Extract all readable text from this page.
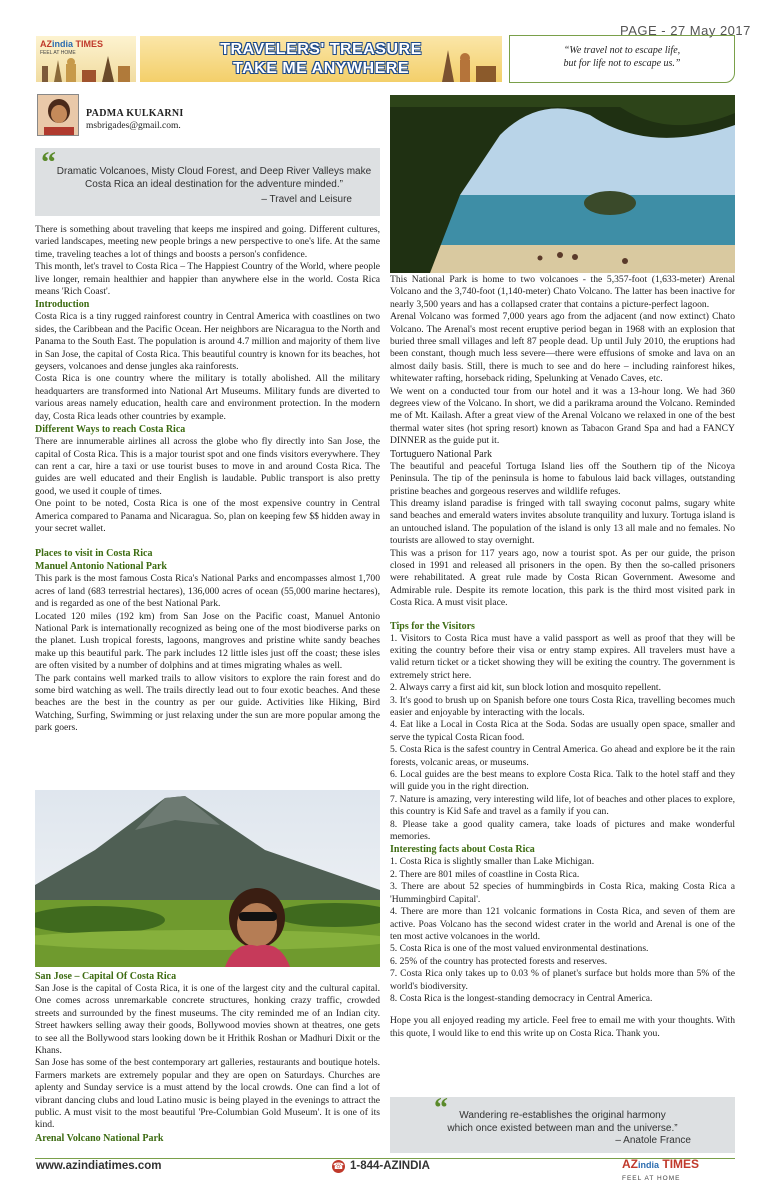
PAGE - 27 May 2017
AZindia TIMES
FEEL AT HOME	TRAVELERS' TREASURE
TAKE ME ANYWHERE
“We travel not to escape life,
but for life not to escape us.”
PADMA KULKARNI
msbrigades@gmail.com.
“ Dramatic Volcanoes, Misty Cloud Forest, and Deep River Valleys make Costa Rica an ideal destination for the adventure minded.”
– Travel and Leisure

There is something about traveling that keeps me inspired and going. Different cultures, varied landscapes, meeting new people brings a new perspective to one's life. At the same time, traveling teaches a lot of things and boosts a person's confidence.

This month, let's travel to Costa Rica – The Happiest Country of the World, where people live longer, remain healthier and happier than anywhere else in the world. Costa Rica means 'Rich Coast'.

Introduction

Costa Rica is a tiny rugged rainforest country in Central America with coastlines on two sides, the Caribbean and the Pacific Ocean. Her neighbors are Nicaragua to the North and Panama to the South East. The population is around 4.7 million and majority of them live in San Jose, the capital of Costa Rica. This beautiful country is known for its beaches, hot geysers, volcanoes and dense jungles aka rainforests.

Costa Rica is one country where the military is totally abolished. All the military headquarters are transformed into National Art Museums. Military funds are diverted to various areas namely education, health care and environment protection. In the modern day, Costa Rica leads other countries by example.

Different Ways to reach Costa Rica

There are innumerable airlines all across the globe who fly directly into San Jose, the capital of Costa Rica. This is a major tourist spot and one finds visitors everywhere. They can rent a car, hire a taxi or use tourist buses to move in and around Costa Rica. The guides are well educated and their English is laudable. Public transport is also pretty good, we used it couple of times.

One point to be noted, Costa Rica is one of the most expensive country in Central America compared to Panama and Nicaragua. So, plan on keeping few $$ hidden away in your secret wallet.

Places to visit in Costa Rica
Manuel Antonio National Park

This park is the most famous Costa Rica's National Parks and encompasses almost 1,700 acres of land (683 terrestrial hectares), 136,000 acres of ocean (55,000 marine hectares), and is regarded as one of the best National Park.

Located 120 miles (192 km) from San Jose on the Pacific coast, Manuel Antonio National Park is internationally recognized as being one of the most biodiverse parks on the planet. Lush tropical forests, lagoons, mangroves and pristine white sandy beaches make up this beautiful park. The park includes 12 little isles just off the coast; these isles are often visited by a number of dolphins and at times migrating whales as well.

The park contains well marked trails to allow visitors to explore the rain forest and do some bird watching as well. The trails directly lead out to four exotic beaches. And these beaches are the best in the country as per our guide. Activities like Hiking, Bird Watching, Surfing, Swimming or just relaxing under the sun are more popular among the park goers.

San Jose – Capital Of Costa Rica

San Jose is the capital of Costa Rica, it is one of the largest city and the cultural capital. One comes across unremarkable concrete structures, honking crazy traffic, crowded streets and surrounded by the finest museums. The city reminded me of an Indian city. Street hawkers selling away their goods, Bollywood movies shown at theatres, one gets to see all the Bollywood stars looking down be it Hrithik Roshan or Madhuri Dixit or the Khans.

San Jose has some of the best contemporary art galleries, restaurants and boutique hotels. Farmers markets are extremely popular and they are open on Saturdays. Churches are aplenty and Sunday service is a must attend by the local crowds. One can find a lot of vibrant dancing clubs and loud Latino music is being played in the evenings to attract the public. A must visit to the most beautiful 'Pre-Columbian Gold Museum'. It is one of its kind.

Arenal Volcano National Park

This National Park is home to two volcanoes - the 5,357-foot (1,633-meter) Arenal Volcano and the 3,740-foot (1,140-meter) Chato Volcano. The latter has been inactive for nearly 3,500 years and has a collapsed crater that contains a picture-perfect lagoon.

Arenal Volcano was formed 7,000 years ago from the adjacent (and now extinct) Chato Volcano. The Arenal's most recent eruptive period began in 1968 with an explosion that buried three small villages and left 87 people dead. Up until July 2010, the eruptions had been constant, though much less severe—there were effusions of smoke and lava on an almost daily basis. Still, there is much to see and do here – including rainforest hikes, whitewater rafting, horseback riding, Spelunking at Venado Caves, etc.

We went on a conducted tour from our hotel and it was a 13-hour long. We had 360 degrees view of the Volcano. In short, we did a parikrama around the Volcano. Reminded me of Mt. Kailash. After a great view of the Arenal Volcano we relaxed in one of the best thermal water sites (hot spring resort) known as Tabacon Grand Spa and had a FANCY DINNER as the guide put it.

Tortuguero National Park

The beautiful and peaceful Tortuga Island lies off the Southern tip of the Nicoya Peninsula. The tip of the peninsula is home to fabulous laid back villages, outstanding pristine beaches and gorgeous reserves and wildlife refuges.

This dreamy island paradise is fringed with tall swaying coconut palms, sugary white sand beaches and emerald waters invites absolute tranquility and luxury. Tortuga island is an untouched island. The population of the island is only 13 all male and no females. No tourists are allowed to stay overnight.

This was a prison for 117 years ago, now a tourist spot. As per our guide, the prison closed in 1991 and released all prisoners in the open. By then the so-called prisoners were rehabilitated. A great rule made by Costa Rican Government. Awesome and Admirable rule. Despite its remote location, this park is the third most visited park in Costa Rica. A must visit place.

Tips for the Visitors

1. Visitors to Costa Rica must have a valid passport as well as proof that they will be exiting the country before their visa or entry stamp expires. All travelers must have a valid return ticket or a ticket showing they will be exiting the country. The government is extremely strict here.

2. Always carry a first aid kit, sun block lotion and mosquito repellent.

3. It's good to brush up on Spanish before one tours Costa Rica, travelling becomes much easier and enjoyable by interacting with the locals.

4. Eat like a Local in Costa Rica at the Soda. Sodas are usually open space, smaller and serve the typical Costa Rican food.

5. Costa Rica is the safest country in Central America. Go ahead and explore be it the rain forests, volcanic areas, or museums.

6. Local guides are the best means to explore Costa Rica. Talk to the hotel staff and they will guide you in the right direction.

7. Nature is amazing, very interesting wild life, lot of beaches and other places to explore, this country is Kid Safe and travel as a family if you can.

8. Please take a good quality camera, take loads of pictures and make wonderful memories.

Interesting facts about Costa Rica

1. Costa Rica is slightly smaller than Lake Michigan.

2. There are 801 miles of coastline in Costa Rica.

3. There are about 52 species of hummingbirds in Costa Rica, making Costa Rica a 'Hummingbird Capital'.

4. There are more than 121 volcanic formations in Costa Rica, and seven of them are active. Poas Volcano has the second widest crater in the world and Arenal is one of the ten most active volcanoes in the world.

5. Costa Rica is one of the most valued environmental destinations.

6. 25% of the country has protected forests and reserves.

7. Costa Rica only takes up to 0.03 % of planet's surface but holds more than 5% of the world's biodiversity.

8. Costa Rica is the longest-standing democracy in Central America.

Hope you all enjoyed reading my article. Feel free to email me with your thoughts. With this quote, I would like to end this write up on Costa Rica. Thank you.

“	Wandering re-establishes the original harmony
which once existed between man and the universe.”
– Anatole France
www.azindiatimes.com	☎ 1-844-AZINDIA	AZindia TIMES
FEEL AT HOME
